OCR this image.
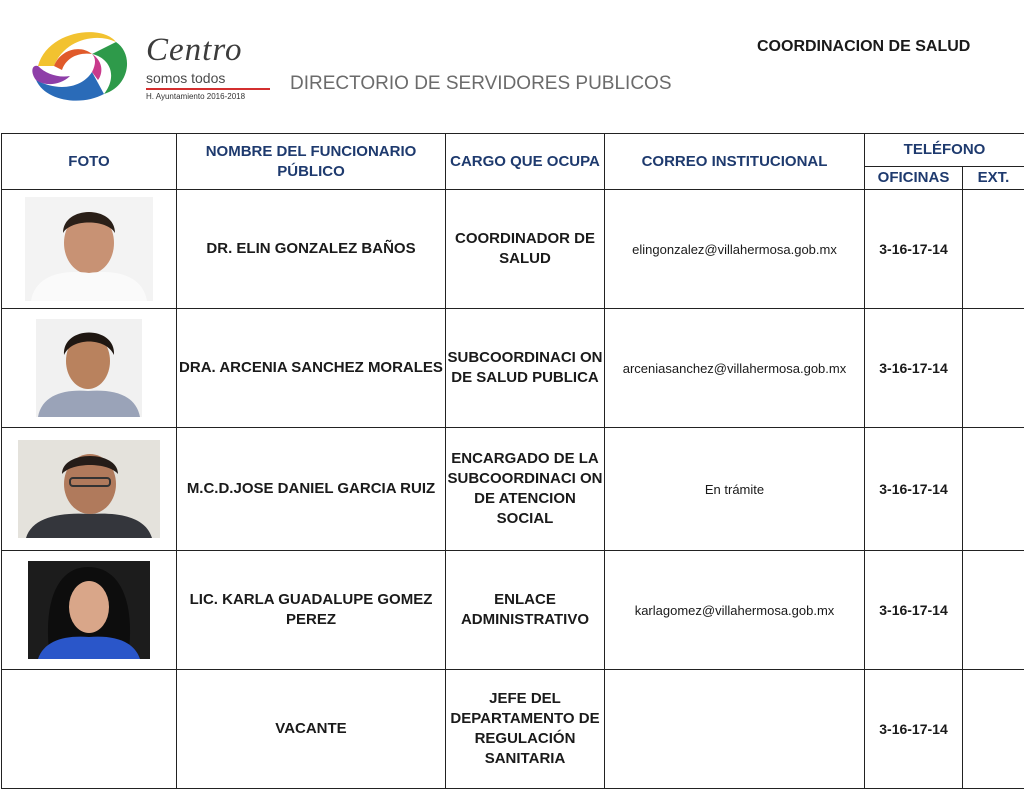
Centro
somos todos
H. Ayuntamiento 2016-2018
DIRECTORIO DE SERVIDORES PUBLICOS
COORDINACION DE SALUD
FOTO	NOMBRE DEL FUNCIONARIO PÚBLICO	CARGO QUE OCUPA	CORREO INSTITUCIONAL	TELÉFONO	
				OFICINAS	EXT.

	DR. ELIN GONZALEZ BAÑOS	COORDINADOR DE SALUD	elingonzalez@villahermosa.gob.mx	3-16-17-14	

	DRA. ARCENIA SANCHEZ MORALES	SUBCOORDINACI ON DE SALUD PUBLICA	arceniasanchez@villahermosa.gob.mx	3-16-17-14	

	M.C.D.JOSE DANIEL GARCIA RUIZ	ENCARGADO DE LA SUBCOORDINACI ON DE ATENCION SOCIAL	En trámite	3-16-17-14	

	LIC. KARLA GUADALUPE GOMEZ PEREZ	ENLACE ADMINISTRATIVO	karlagomez@villahermosa.gob.mx	3-16-17-14	
	VACANTE	JEFE DEL DEPARTAMENTO DE REGULACIÓN SANITARIA		3-16-17-14	
